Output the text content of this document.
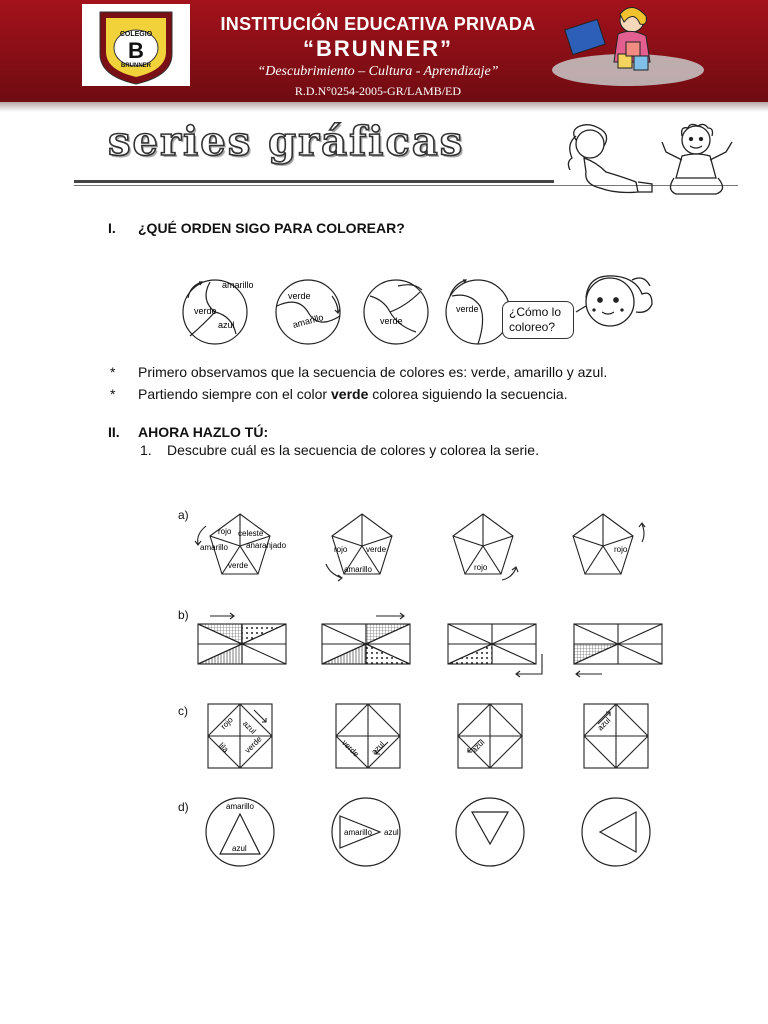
COLEGIO
B
BRUNNER
INSTITUCIÓN EDUCATIVA PRIVADA
“BRUNNER”
“Descubrimiento – Cultura - Aprendizaje”
R.D.N°0254-2005-GR/LAMB/ED
series gráficas
I. ¿QUÉ ORDEN SIGO PARA COLOREAR?
amarillo
verde
azul
verde
amarillo	verde
verde	¿Cómo lo coloreo?
* Primero observamos que la secuencia de colores es: verde, amarillo y azul.
* Partiendo siempre con el color verde colorea siguiendo la secuencia.
II. AHORA HAZLO TÚ:
1. Descubre cuál es la secuencia de colores y colorea la serie.
a)
rojo celeste
amarillo anaranjado
verde
rojo verde
amarillo	rojo
rojo
b)
c)
rojo azul
lila verde	verde azul	azul
azul
d)	amarillo
azul
amarillo azul
